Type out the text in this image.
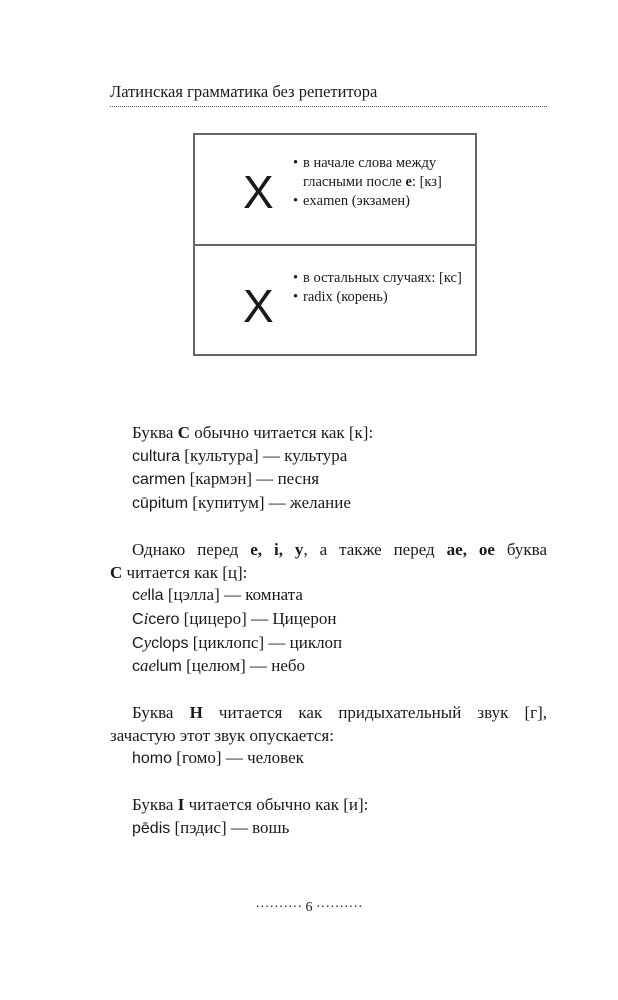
Латинская грамматика без репетитора
X
• в начале слова между гласными после e: [кз]
• examen (экзамен)
X
• в остальных случаях: [кс]
• radix (корень)
Буква C обычно читается как [к]:
cultura [культура] — культура
carmen [кармэн] — песня
cūpitum [купитум] — желание
Однако перед e, i, y, а также перед ae, oe буква
C читается как [ц]:
cella [цэлла] — комната
Cicero [цицеро] — Цицерон
Cyclops [циклопс] — циклоп
caelum [целюм] — небо
Буква H читается как придыхательный звук [г],
зачастую этот звук опускается:
homo [гомо] — человек
Буква I читается обычно как [и]:
pēdis [пэдис] — вошь
·········· 6 ··········
